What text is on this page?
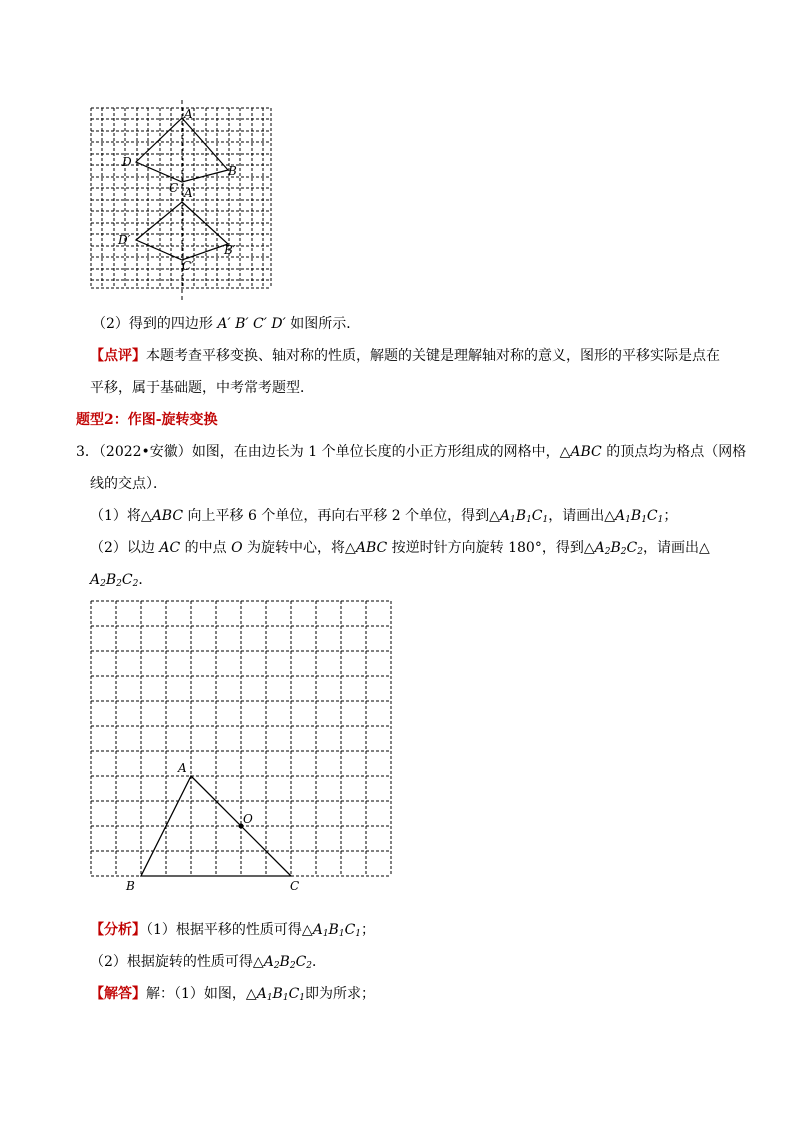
A
B
C
D
A′
B′
C′
D′
（2）得到的四边形 A′ B′ C′ D′ 如图所示．
【点评】本题考查平移变换、轴对称的性质，解题的关键是理解轴对称的意义，图形的平移实际是点在
平移，属于基础题，中考常考题型．
题型2：作图-旋转变换
3．（2022•安徽）如图，在由边长为 1 个单位长度的小正方形组成的网格中，△ABC 的顶点均为格点（网格
线的交点）．
（1）将△ABC 向上平移 6 个单位，再向右平移 2 个单位，得到$\triangle A_1B_1C_1$，请画出$\triangle A_1B_1C_1$；
（2）以边 AC 的中点 O 为旋转中心，将△ABC 按逆时针方向旋转 180°，得到$\triangle A_2B_2C_2$，请画出△
$A_2B_2C_2$．
A
B	C
O
【分析】（1）根据平移的性质可得$\triangle A_1B_1C_1$；
（2）根据旋转的性质可得$\triangle A_2B_2C_2$．
【解答】解：（1）如图，$\triangle A_1B_1C_1$即为所求；
